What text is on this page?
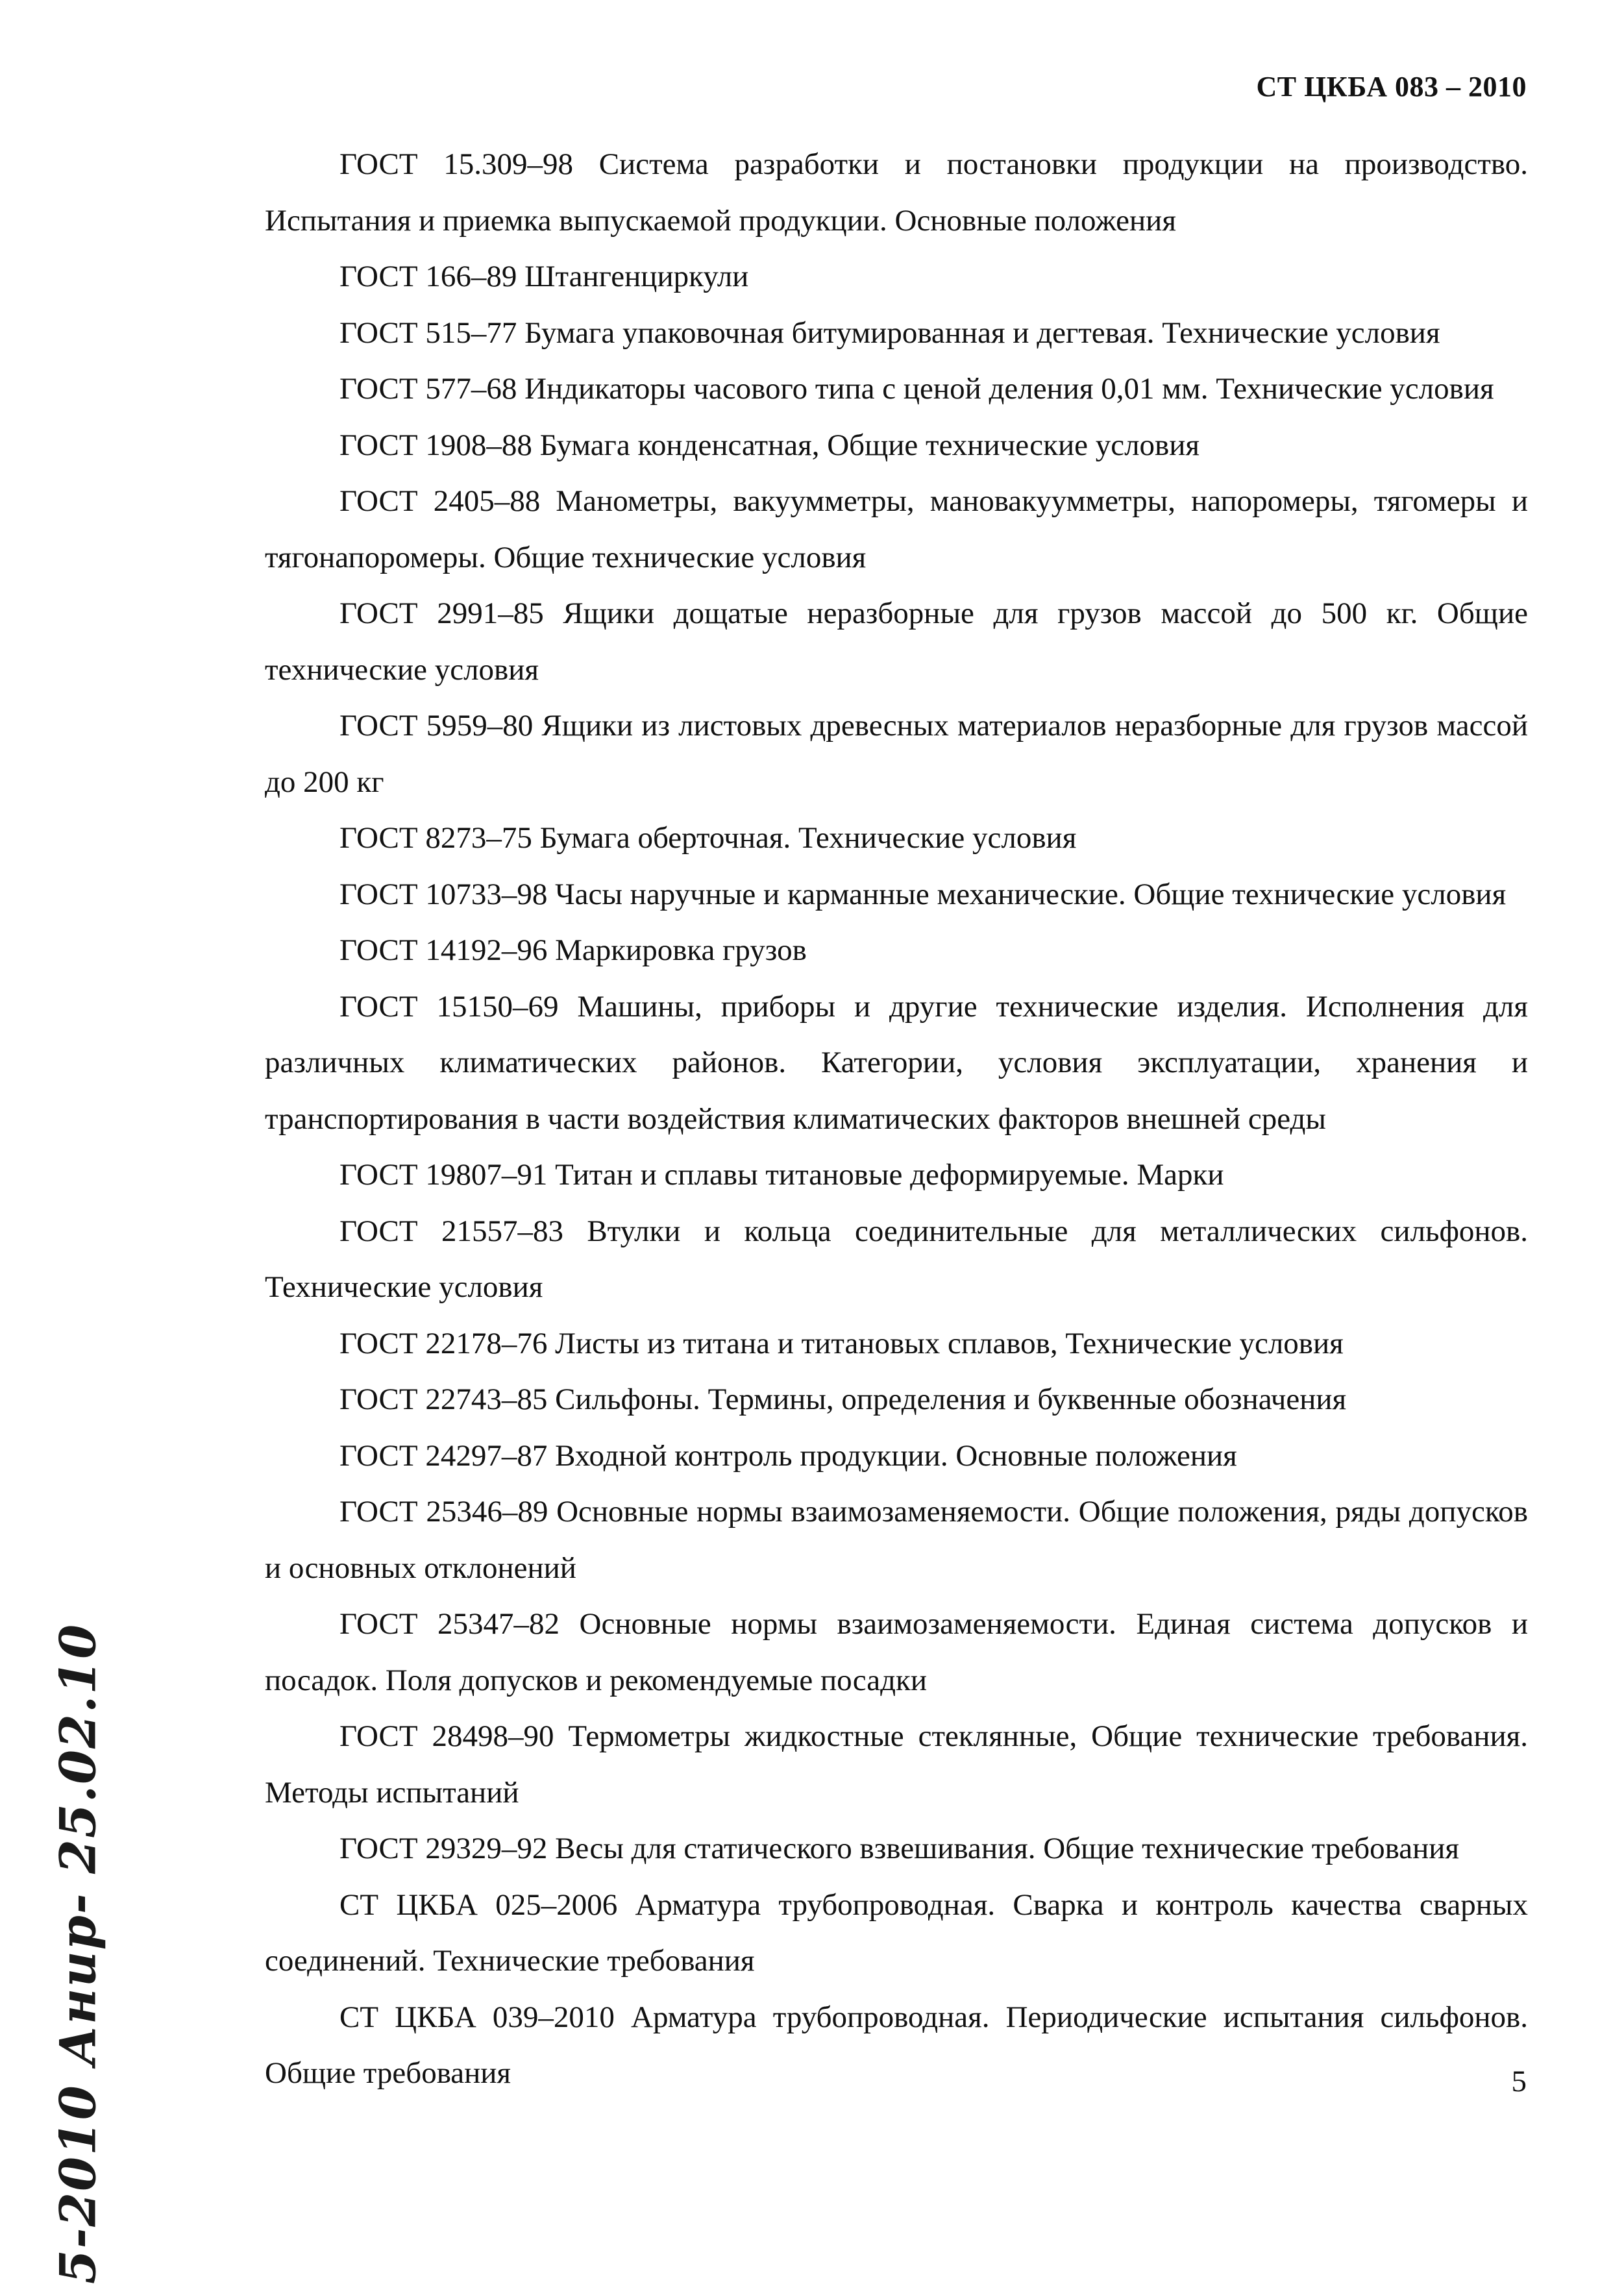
СТ ЦКБА 083 – 2010

ГОСТ 15.309–98 Система разработки и постановки продукции на производство. Испытания и приемка выпускаемой продукции. Основные положения

ГОСТ 166–89 Штангенциркули

ГОСТ 515–77 Бумага упаковочная битумированная и дегтевая. Технические условия

ГОСТ 577–68 Индикаторы часового типа с ценой деления 0,01 мм. Технические условия

ГОСТ 1908–88 Бумага конденсатная, Общие технические условия

ГОСТ 2405–88 Манометры, вакуумметры, мановакуумметры, напоромеры, тягомеры и тягонапоромеры. Общие технические условия

ГОСТ 2991–85 Ящики дощатые неразборные для грузов массой до 500 кг. Общие технические условия

ГОСТ 5959–80 Ящики из листовых древесных материалов неразборные для грузов массой до 200 кг

ГОСТ 8273–75 Бумага оберточная. Технические условия

ГОСТ 10733–98 Часы наручные и карманные механические. Общие технические условия

ГОСТ 14192–96 Маркировка грузов

ГОСТ 15150–69 Машины, приборы и другие технические изделия. Исполнения для различных климатических районов. Категории, условия эксплуатации, хранения и транспортирования в части воздействия климатических факторов внешней среды

ГОСТ 19807–91 Титан и сплавы титановые деформируемые. Марки

ГОСТ 21557–83 Втулки и кольца соединительные для металлических сильфонов. Технические условия

ГОСТ 22178–76 Листы из титана и титановых сплавов, Технические условия

ГОСТ 22743–85 Сильфоны. Термины, определения и буквенные обозначения

ГОСТ 24297–87 Входной контроль продукции. Основные положения

ГОСТ 25346–89 Основные нормы взаимозаменяемости. Общие положения, ряды допусков и основных отклонений

ГОСТ 25347–82 Основные нормы взаимозаменяемости. Единая система допусков и посадок. Поля допусков и рекомендуемые посадки

ГОСТ 28498–90 Термометры жидкостные стеклянные, Общие технические требования. Методы испытаний

ГОСТ 29329–92 Весы для статического взвешивания. Общие технические требования

СТ ЦКБА 025–2006 Арматура трубопроводная. Сварка и контроль качества сварных соединений. Технические требования

СТ ЦКБА 039–2010 Арматура трубопроводная. Периодические испытания сильфонов. Общие требования

5-2010 Анир- 25.02.10	5
